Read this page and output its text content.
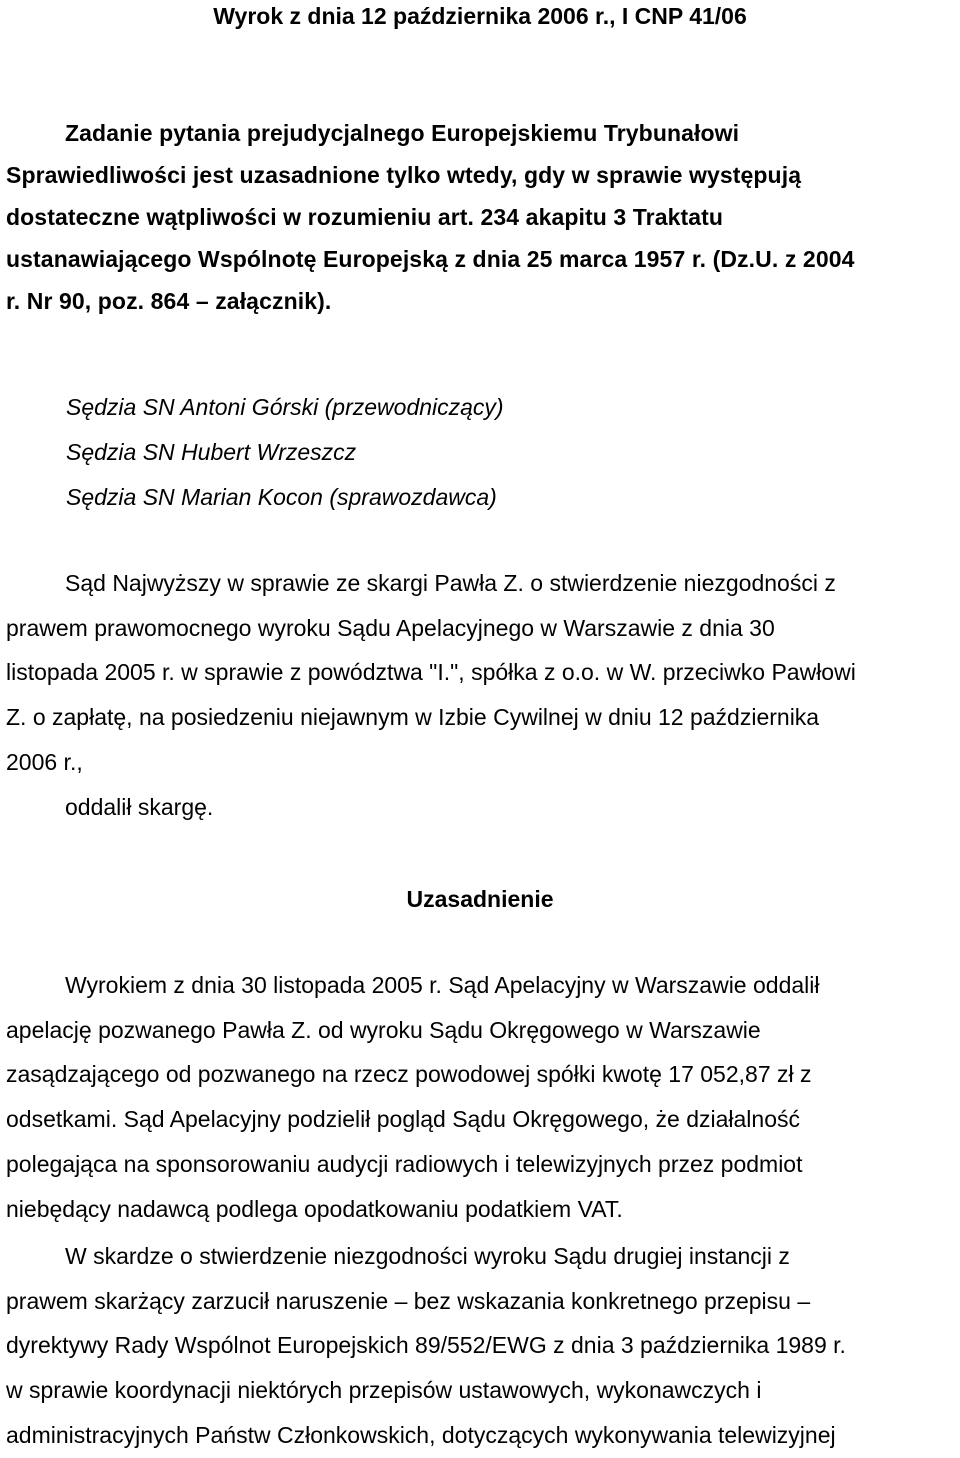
Wyrok z dnia 12 października 2006 r., I CNP 41/06
Zadanie pytania prejudycjalnego Europejskiemu Trybunałowi
Sprawiedliwości jest uzasadnione tylko wtedy, gdy w sprawie występują
dostateczne wątpliwości w rozumieniu art. 234 akapitu 3 Traktatu
ustanawiającego Wspólnotę Europejską z dnia 25 marca 1957 r. (Dz.U. z 2004
r. Nr 90, poz. 864 – załącznik).
Sędzia SN Antoni Górski (przewodniczący)
Sędzia SN Hubert Wrzeszcz
Sędzia SN Marian Kocon (sprawozdawca)
Sąd Najwyższy w sprawie ze skargi Pawła Z. o stwierdzenie niezgodności z
prawem prawomocnego wyroku Sądu Apelacyjnego w Warszawie z dnia 30
listopada 2005 r. w sprawie z powództwa "I.", spółka z o.o. w W. przeciwko Pawłowi
Z. o zapłatę, na posiedzeniu niejawnym w Izbie Cywilnej w dniu 12 października
2006 r.,
oddalił skargę.
Uzasadnienie
Wyrokiem z dnia 30 listopada 2005 r. Sąd Apelacyjny w Warszawie oddalił
apelację pozwanego Pawła Z. od wyroku Sądu Okręgowego w Warszawie
zasądzającego od pozwanego na rzecz powodowej spółki kwotę 17 052,87 zł z
odsetkami. Sąd Apelacyjny podzielił pogląd Sądu Okręgowego, że działalność
polegająca na sponsorowaniu audycji radiowych i telewizyjnych przez podmiot
niebędący nadawcą podlega opodatkowaniu podatkiem VAT.
W skardze o stwierdzenie niezgodności wyroku Sądu drugiej instancji z
prawem skarżący zarzucił naruszenie – bez wskazania konkretnego przepisu –
dyrektywy Rady Wspólnot Europejskich 89/552/EWG z dnia 3 października 1989 r.
w sprawie koordynacji niektórych przepisów ustawowych, wykonawczych i
administracyjnych Państw Członkowskich, dotyczących wykonywania telewizyjnej
